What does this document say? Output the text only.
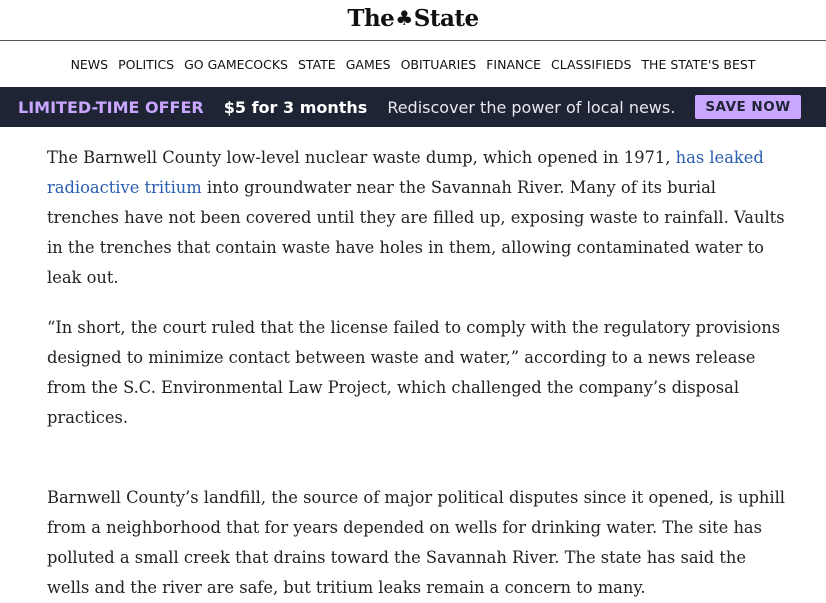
The♣State
NEWS POLITICS GO GAMECOCKS STATE GAMES OBITUARIES FINANCE CLASSIFIEDS THE STATE'S BEST
LIMITED-TIME OFFER $5 for 3 months Rediscover the power of local news.	SAVE NOW

The Barnwell County low-level nuclear waste dump, which opened in 1971, has leaked radioactive tritium into groundwater near the Savannah River. Many of its burial trenches have not been covered until they are filled up, exposing waste to rainfall. Vaults in the trenches that contain waste have holes in them, allowing contaminated water to leak out.

“In short, the court ruled that the license failed to comply with the regulatory provisions designed to minimize contact between waste and water,” according to a news release from the S.C. Environmental Law Project, which challenged the company’s disposal practices.

Barnwell County’s landfill, the source of major political disputes since it opened, is uphill from a neighborhood that for years depended on wells for drinking water. The site has polluted a small creek that drains toward the Savannah River. The state has said the wells and the river are safe, but tritium leaks remain a concern to many.
